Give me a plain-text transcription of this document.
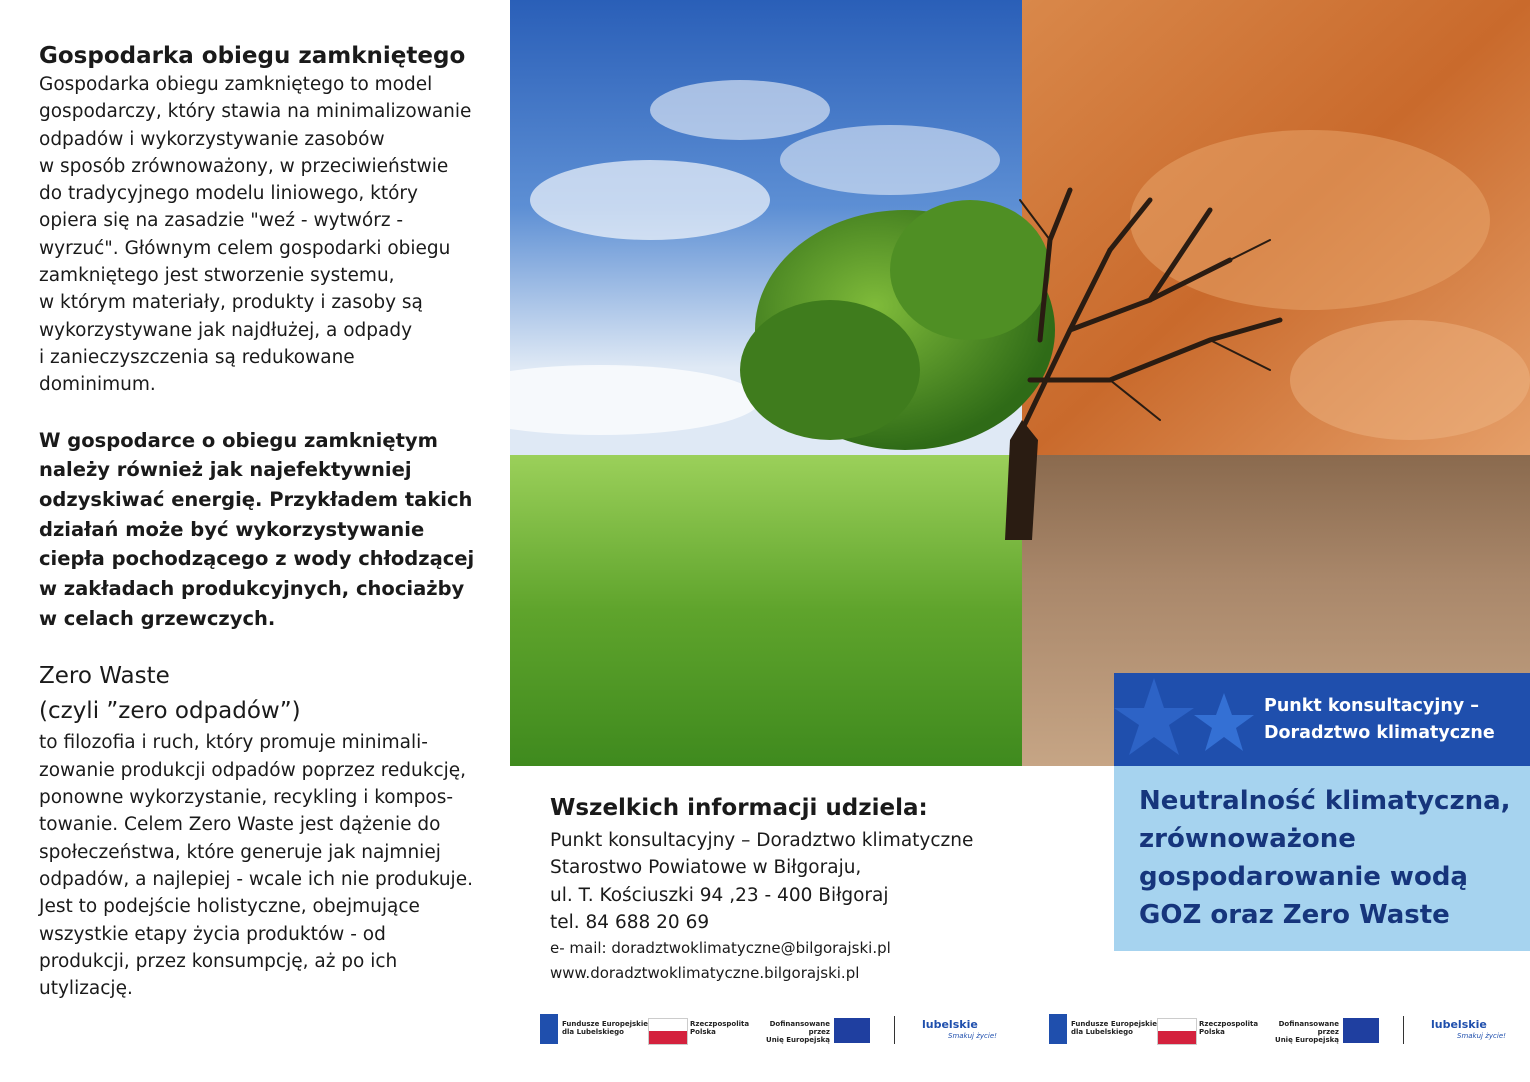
Gospodarka obiegu zamkniętego

Gospodarka obiegu zamkniętego to model

gospodarczy, który stawia na minimalizowanie

odpadów i wykorzystywanie zasobów

w sposób zrównoważony, w przeciwieństwie

do tradycyjnego modelu liniowego, który

opiera się na zasadzie "weź - wytwórz -

wyrzuć". Głównym celem gospodarki obiegu

zamkniętego jest stworzenie systemu,

w którym materiały, produkty i zasoby są

wykorzystywane jak najdłużej, a odpady

i zanieczyszczenia są redukowane

dominimum.

W gospodarce o obiegu zamkniętym

należy również jak najefektywniej

odzyskiwać energię. Przykładem takich

działań może być wykorzystywanie

ciepła pochodzącego z wody chłodzącej

w zakładach produkcyjnych, chociażby

w celach grzewczych.

Zero Waste

(czyli ”zero odpadów”)

to filozofia i ruch, który promuje minimali-

zowanie produkcji odpadów poprzez redukcję,

ponowne wykorzystanie, recykling i kompos-

towanie. Celem Zero Waste jest dążenie do

społeczeństwa, które generuje jak najmniej

odpadów, a najlepiej - wcale ich nie produkuje.

Jest to podejście holistyczne, obejmujące

wszystkie etapy życia produktów - od

produkcji, przez konsumpcję, aż po ich

utylizację.

Wszelkich informacji udziela:

Punkt konsultacyjny – Doradztwo klimatyczne

Starostwo Powiatowe w Biłgoraju,

ul. T. Kościuszki 94 ,23 - 400 Biłgoraj

tel. 84 688 20 69

e- mail: doradztwoklimatyczne@bilgorajski.pl

www.doradztwoklimatyczne.bilgorajski.pl

Punkt konsultacyjny –
Doradztwo klimatyczne
Neutralność klimatyczna,
zrównoważone
gospodarowanie wodą
GOZ oraz Zero Waste
Fundusze Europejskie
dla Lubelskiego
Rzeczpospolita
Polska
Dofinansowane przez
Unię Europejską
lubelskie
Smakuj życie!
Fundusze Europejskie
dla Lubelskiego
Rzeczpospolita
Polska
Dofinansowane przez
Unię Europejską
lubelskie
Smakuj życie!
